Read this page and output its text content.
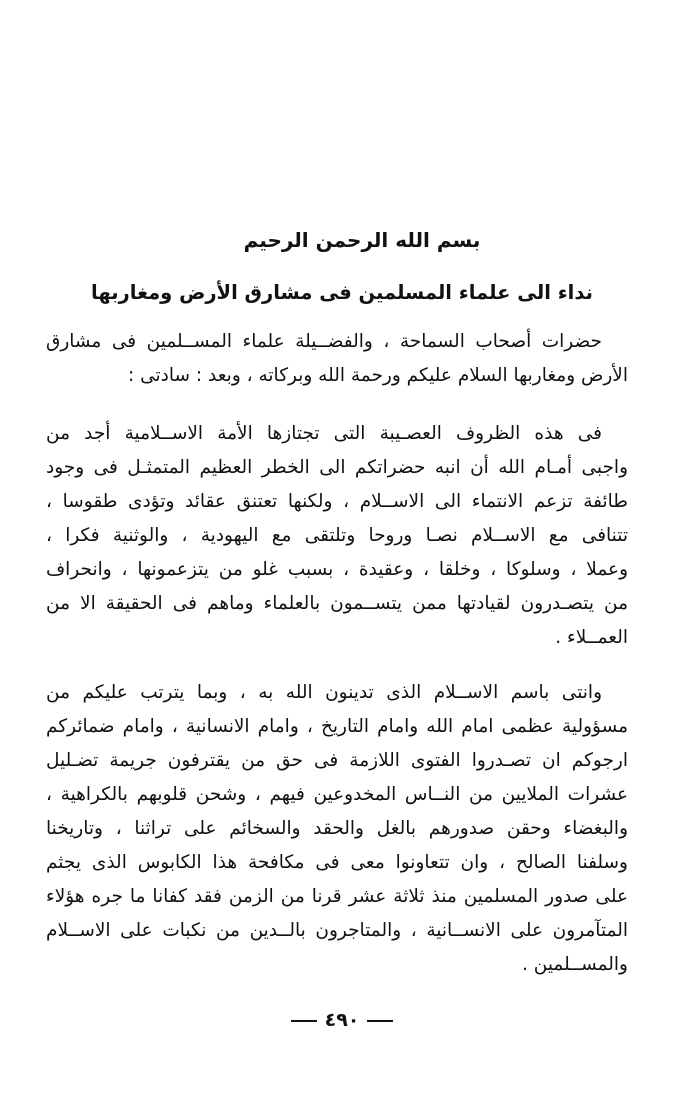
بسم الله الرحمن الرحيم
نداء الى علماء المسلمين فى مشارق الأرض ومغاربها
حضرات أصحاب السماحة ، والفضــيلة علماء المســلمين فى مشارق
الأرض ومغاربها السلام عليكم ورحمة الله وبركاته ، وبعد : سادتى :
فى هذه الظروف العصـيبة التى تجتازها الأمة الاســلامية أجد من
واجبى أمـام الله أن انبه حضراتكم الى الخطر العظيم المتمثـل فى وجود
طائفة تزعم الانتماء الى الاســلام ، ولكنها تعتنق عقائد وتؤدى طقوسا ،
تتنافى مع الاســلام نصـا وروحا وتلتقى مع اليهودية ، والوثنية فكرا ،
وعملا ، وسلوكا ، وخلقا ، وعقيدة ، بسبب غلو من يتزعمونها ، وانحراف
من يتصـدرون لقيادتها ممن يتســمون بالعلماء وماهم فى الحقيقة الا من
العمــلاء .
وانتى باسم الاســلام الذى تدينون الله به ، وبما يترتب عليكم من
مسؤولية عظمى امام الله وامام التاريخ ، وامام الانسانية ، وامام ضمائركم
ارجوكم ان تصـدروا الفتوى اللازمة فى حق من يقترفون جريمة تضـليل
عشرات الملايين من النــاس المخدوعين فيهم ، وشحن قلوبهم بالكراهية ،
والبغضاء وحقن صدورهم بالغل والحقد والسخائم على تراثنا ، وتاريخنا
وسلفنا الصالح ، وان تتعاونوا معى فى مكافحة هذا الكابوس الذى يجثم
على صدور المسلمين منذ ثلاثة عشر قرنا من الزمن فقد كفانا ما جره هؤلاء
المتآمرون على الانســانية ، والمتاجرون بالــدين من نكبات على الاســلام
والمســلمين .
٤٩٠
